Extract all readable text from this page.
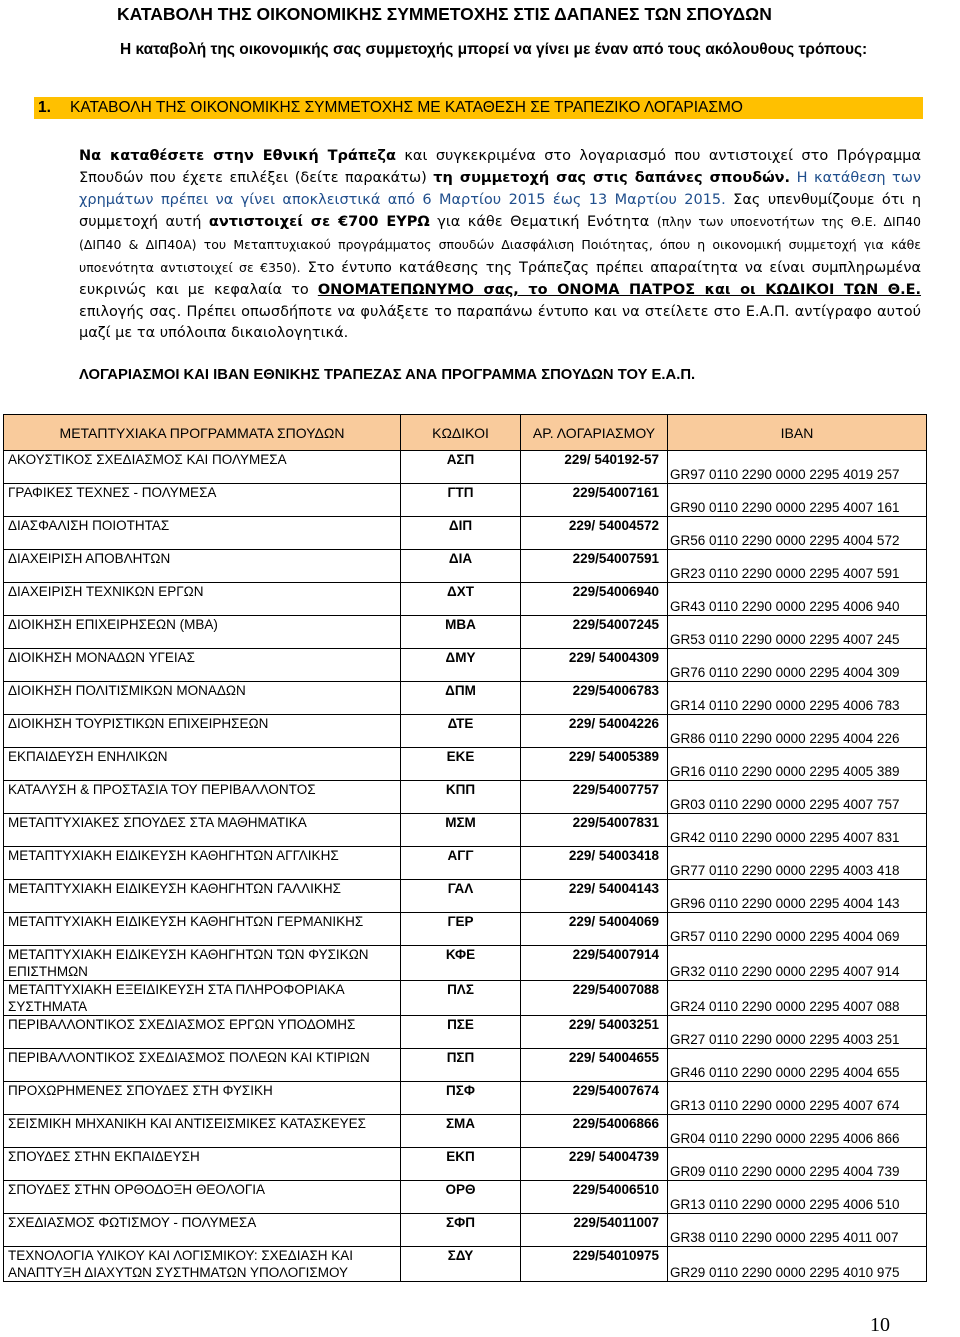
ΚΑΤΑΒΟΛΗ ΤΗΣ ΟΙΚΟΝΟΜΙΚΗΣ ΣΥΜΜΕΤΟΧΗΣ ΣΤΙΣ ΔΑΠΑΝΕΣ ΤΩΝ ΣΠΟΥΔΩΝ
Η καταβολή της οικονομικής σας συμμετοχής μπορεί να γίνει με έναν από τους ακόλουθους τρόπους:
1. ΚΑΤΑΒΟΛΗ ΤΗΣ ΟΙΚΟΝΟΜΙΚΗΣ ΣΥΜΜΕΤΟΧΗΣ ΜΕ ΚΑΤΑΘΕΣΗ ΣΕ ΤΡΑΠΕΖΙΚΟ ΛΟΓΑΡΙΑΣΜΟ

Να καταθέσετε στην Εθνική Τράπεζα και συγκεκριμένα στο λογαριασμό που αντιστοιχεί στο Πρόγραμμα Σπουδών που έχετε επιλέξει (δείτε παρακάτω) τη συμμετοχή σας στις δαπάνες σπουδών. Η κατάθεση των χρημάτων πρέπει να γίνει αποκλειστικά από 6 Μαρτίου 2015 έως 13 Μαρτίου 2015. Σας υπενθυμίζουμε ότι η συμμετοχή αυτή αντιστοιχεί σε €700 ΕΥΡΩ για κάθε Θεματική Ενότητα (πλην των υποενοτήτων της Θ.Ε. ΔΙΠ40 (ΔΙΠ40 & ΔΙΠ40Α) του Μεταπτυχιακού προγράμματος σπουδών Διασφάλιση Ποιότητας, όπου η οικονομική συμμετοχή για κάθε υποενότητα αντιστοιχεί σε €350). Στο έντυπο κατάθεσης της Τράπεζας πρέπει απαραίτητα να είναι συμπληρωμένα ευκρινώς και με κεφαλαία το ΟΝΟΜΑΤΕΠΩΝΥΜΟ σας, το ΟΝΟΜΑ ΠΑΤΡΟΣ και οι ΚΩΔΙΚΟΙ ΤΩΝ Θ.Ε. επιλογής σας. Πρέπει οπωσδήποτε να φυλάξετε το παραπάνω έντυπο και να στείλετε στο Ε.Α.Π. αντίγραφο αυτού μαζί με τα υπόλοιπα δικαιολογητικά.

ΛΟΓΑΡΙΑΣΜΟΙ ΚΑΙ IBAN ΕΘΝΙΚΗΣ ΤΡΑΠΕΖΑΣ ΑΝΑ ΠΡΟΓΡΑΜΜΑ ΣΠΟΥΔΩΝ ΤΟΥ Ε.Α.Π.
ΜΕΤΑΠΤΥΧΙΑΚΑ ΠΡΟΓΡΑΜΜΑΤΑ ΣΠΟΥΔΩΝ	ΚΩΔΙΚΟΙ	ΑΡ. ΛΟΓΑΡΙΑΣΜΟΥ	IBAN
ΑΚΟΥΣΤΙΚΟΣ ΣΧΕΔΙΑΣΜΟΣ ΚΑΙ ΠΟΛΥΜΕΣΑ	ΑΣΠ	229/ 540192-57	GR97 0110 2290 0000 2295 4019 257
ΓΡΑΦΙΚΕΣ ΤΕΧΝΕΣ - ΠΟΛΥΜΕΣΑ	ΓΤΠ	229/54007161	GR90 0110 2290 0000 2295 4007 161
ΔΙΑΣΦΑΛΙΣΗ ΠΟΙΟΤΗΤΑΣ	ΔΙΠ	229/ 54004572	GR56 0110 2290 0000 2295 4004 572
ΔΙΑΧΕΙΡΙΣΗ ΑΠΟΒΛΗΤΩΝ	ΔΙΑ	229/54007591	GR23 0110 2290 0000 2295 4007 591
ΔΙΑΧΕΙΡΙΣΗ ΤΕΧΝΙΚΩΝ ΕΡΓΩΝ	ΔΧΤ	229/54006940	GR43 0110 2290 0000 2295 4006 940
ΔΙΟΙΚΗΣΗ ΕΠΙΧΕΙΡΗΣΕΩΝ (ΜΒΑ)	ΜΒΑ	229/54007245	GR53 0110 2290 0000 2295 4007 245
ΔΙΟΙΚΗΣΗ ΜΟΝΑΔΩΝ ΥΓΕΙΑΣ	ΔΜΥ	229/ 54004309	GR76 0110 2290 0000 2295 4004 309
ΔΙΟΙΚΗΣΗ ΠΟΛΙΤΙΣΜΙΚΩΝ ΜΟΝΑΔΩΝ	ΔΠΜ	229/54006783	GR14 0110 2290 0000 2295 4006 783
ΔΙΟΙΚΗΣΗ ΤΟΥΡΙΣΤΙΚΩΝ ΕΠΙΧΕΙΡΗΣΕΩΝ	ΔΤΕ	229/ 54004226	GR86 0110 2290 0000 2295 4004 226
ΕΚΠΑΙΔΕΥΣΗ ΕΝΗΛΙΚΩΝ	ΕΚΕ	229/ 54005389	GR16 0110 2290 0000 2295 4005 389
ΚΑΤΑΛΥΣΗ & ΠΡΟΣΤΑΣΙΑ ΤΟΥ ΠΕΡΙΒΑΛΛΟΝΤΟΣ	ΚΠΠ	229/54007757	GR03 0110 2290 0000 2295 4007 757
ΜΕΤΑΠΤΥΧΙΑΚΕΣ ΣΠΟΥΔΕΣ ΣΤΑ ΜΑΘΗΜΑΤΙΚΑ	ΜΣΜ	229/54007831	GR42 0110 2290 0000 2295 4007 831
ΜΕΤΑΠΤΥΧΙΑΚΗ ΕΙΔΙΚΕΥΣΗ ΚΑΘΗΓΗΤΩΝ ΑΓΓΛΙΚΗΣ	ΑΓΓ	229/ 54003418	GR77 0110 2290 0000 2295 4003 418
ΜΕΤΑΠΤΥΧΙΑΚΗ ΕΙΔΙΚΕΥΣΗ ΚΑΘΗΓΗΤΩΝ ΓΑΛΛΙΚΗΣ	ΓΑΛ	229/ 54004143	GR96 0110 2290 0000 2295 4004 143
ΜΕΤΑΠΤΥΧΙΑΚΗ ΕΙΔΙΚΕΥΣΗ ΚΑΘΗΓΗΤΩΝ ΓΕΡΜΑΝΙΚΗΣ	ΓΕΡ	229/ 54004069	GR57 0110 2290 0000 2295 4004 069
ΜΕΤΑΠΤΥΧΙΑΚΗ ΕΙΔΙΚΕΥΣΗ ΚΑΘΗΓΗΤΩΝ ΤΩΝ ΦΥΣΙΚΩΝ ΕΠΙΣΤΗΜΩΝ	ΚΦΕ	229/54007914	GR32 0110 2290 0000 2295 4007 914
ΜΕΤΑΠΤΥΧΙΑΚΗ ΕΞΕΙΔΙΚΕΥΣΗ ΣΤΑ ΠΛΗΡΟΦΟΡΙΑΚΑ ΣΥΣΤΗΜΑΤΑ	ΠΛΣ	229/54007088	GR24 0110 2290 0000 2295 4007 088
ΠΕΡΙΒΑΛΛΟΝΤΙΚΟΣ ΣΧΕΔΙΑΣΜΟΣ ΕΡΓΩΝ ΥΠΟΔΟΜΗΣ	ΠΣΕ	229/ 54003251	GR27 0110 2290 0000 2295 4003 251
ΠΕΡΙΒΑΛΛΟΝΤΙΚΟΣ ΣΧΕΔΙΑΣΜΟΣ ΠΟΛΕΩΝ ΚΑΙ ΚΤΙΡΙΩΝ	ΠΣΠ	229/ 54004655	GR46 0110 2290 0000 2295 4004 655
ΠΡΟΧΩΡΗΜΕΝΕΣ ΣΠΟΥΔΕΣ ΣΤΗ ΦΥΣΙΚΗ	ΠΣΦ	229/54007674	GR13 0110 2290 0000 2295 4007 674
ΣΕΙΣΜΙΚΗ ΜΗΧΑΝΙΚΗ ΚΑΙ ΑΝΤΙΣΕΙΣΜΙΚΕΣ ΚΑΤΑΣΚΕΥΕΣ	ΣΜΑ	229/54006866	GR04 0110 2290 0000 2295 4006 866
ΣΠΟΥΔΕΣ ΣΤΗΝ ΕΚΠΑΙΔΕΥΣΗ	ΕΚΠ	229/ 54004739	GR09 0110 2290 0000 2295 4004 739
ΣΠΟΥΔΕΣ ΣΤΗΝ ΟΡΘΟΔΟΞΗ ΘΕΟΛΟΓΙΑ	ΟΡΘ	229/54006510	GR13 0110 2290 0000 2295 4006 510
ΣΧΕΔΙΑΣΜΟΣ ΦΩΤΙΣΜΟΥ - ΠΟΛΥΜΕΣΑ	ΣΦΠ	229/54011007	GR38 0110 2290 0000 2295 4011 007
ΤΕΧΝΟΛΟΓΙΑ ΥΛΙΚΟΥ ΚΑΙ ΛΟΓΙΣΜΙΚΟΥ: ΣΧΕΔΙΑΣΗ ΚΑΙ ΑΝΑΠΤΥΞΗ ΔΙΑΧΥΤΩΝ ΣΥΣΤΗΜΑΤΩΝ ΥΠΟΛΟΓΙΣΜΟΥ	ΣΔΥ	229/54010975	GR29 0110 2290 0000 2295 4010 975
10
